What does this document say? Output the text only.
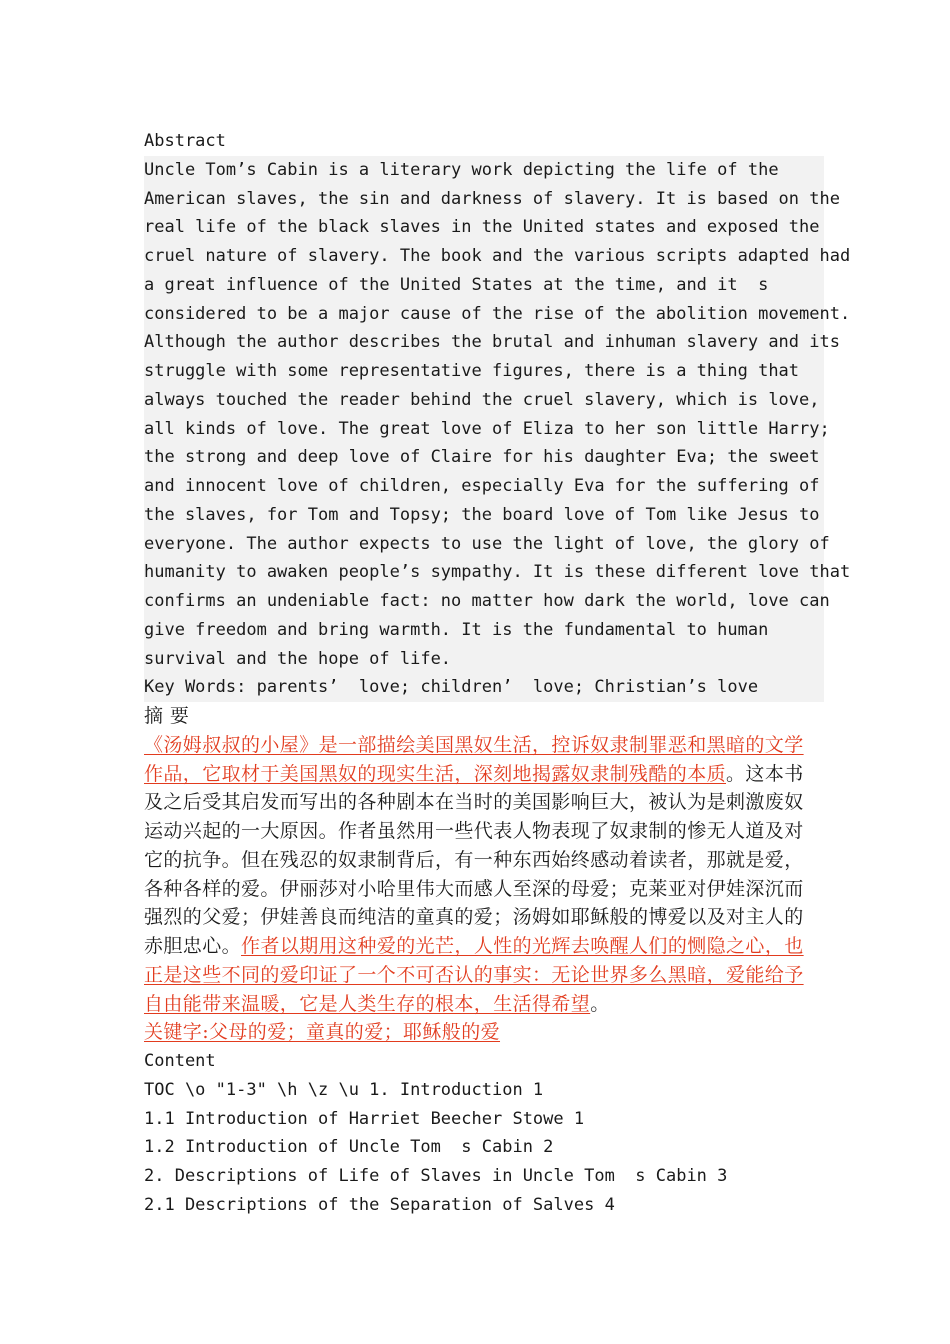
Abstract
Uncle Tom’s Cabin is a literary work depicting the life of the
American slaves, the sin and darkness of slavery. It is based on the
real life of the black slaves in the United states and exposed the
cruel nature of slavery. The book and the various scripts adapted had
a great influence of the United States at the time, and it  s
considered to be a major cause of the rise of the abolition movement.
Although the author describes the brutal and inhuman slavery and its
struggle with some representative figures, there is a thing that
always touched the reader behind the cruel slavery, which is love,
all kinds of love. The great love of Eliza to her son little Harry;
the strong and deep love of Claire for his daughter Eva; the sweet
and innocent love of children, especially Eva for the suffering of
the slaves, for Tom and Topsy; the board love of Tom like Jesus to
everyone. The author expects to use the light of love, the glory of
humanity to awaken people’s sympathy. It is these different love that
confirms an undeniable fact: no matter how dark the world, love can
give freedom and bring warmth. It is the fundamental to human
survival and the hope of life.
Key Words: parents’  love; children’  love; Christian’s love
摘 要
《汤姆叔叔的小屋》是一部描绘美国黑奴生活，控诉奴隶制罪恶和黑暗的文学
作品，它取材于美国黑奴的现实生活，深刻地揭露奴隶制残酷的本质。这本书
及之后受其启发而写出的各种剧本在当时的美国影响巨大，被认为是刺激废奴
运动兴起的一大原因。作者虽然用一些代表人物表现了奴隶制的惨无人道及对
它的抗争。但在残忍的奴隶制背后，有一种东西始终感动着读者，那就是爱，
各种各样的爱。伊丽莎对小哈里伟大而感人至深的母爱；克莱亚对伊娃深沉而
强烈的父爱；伊娃善良而纯洁的童真的爱；汤姆如耶稣般的博爱以及对主人的
赤胆忠心。作者以期用这种爱的光芒，人性的光辉去唤醒人们的恻隐之心，也
正是这些不同的爱印证了一个不可否认的事实：无论世界多么黑暗，爱能给予
自由能带来温暖，它是人类生存的根本，生活得希望。
关键字:父母的爱；童真的爱；耶稣般的爱
Content
TOC \o "1-3" \h \z \u 1. Introduction 1
1.1 Introduction of Harriet Beecher Stowe 1
1.2 Introduction of Uncle Tom  s Cabin 2
2. Descriptions of Life of Slaves in Uncle Tom  s Cabin 3
2.1 Descriptions of the Separation of Salves 4
